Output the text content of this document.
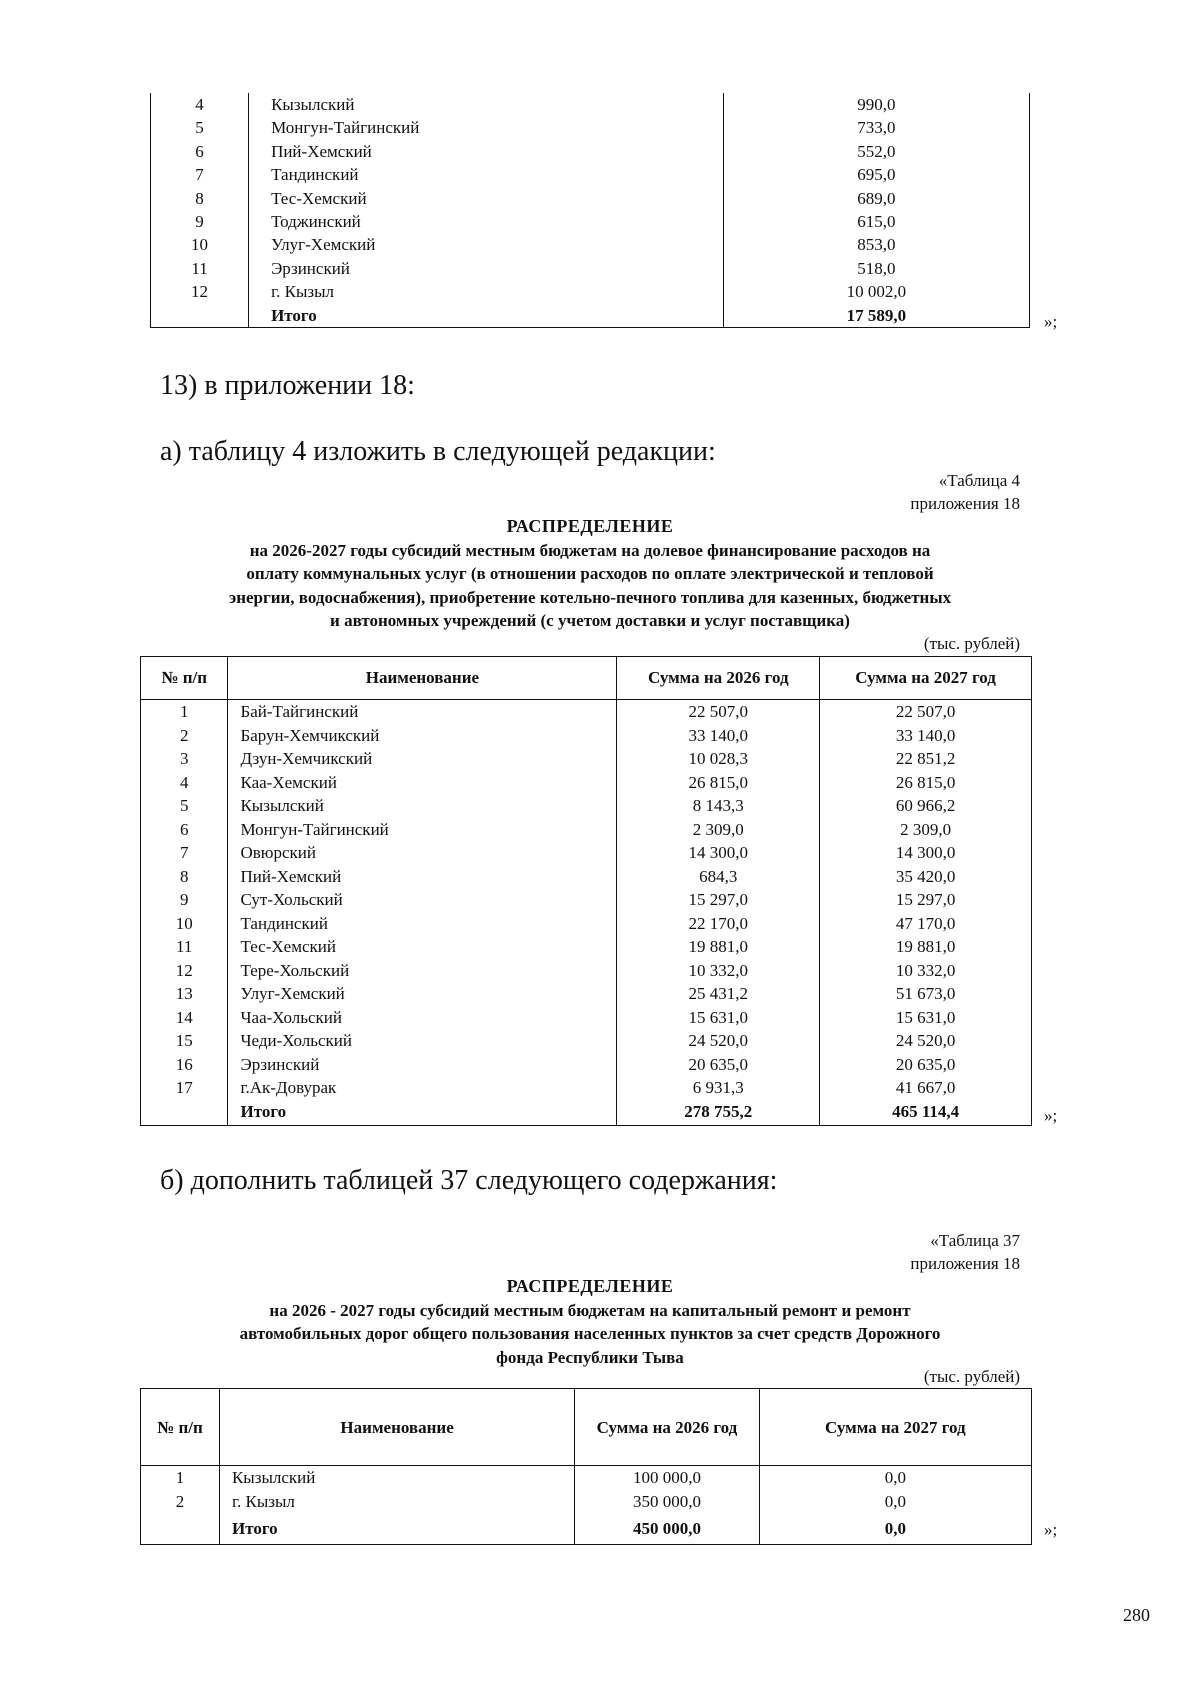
4	Кызылский	990,0
5	Монгун-Тайгинский	733,0
6	Пий-Хемский	552,0
7	Тандинский	695,0
8	Тес-Хемский	689,0
9	Тоджинский	615,0
10	Улуг-Хемский	853,0
11	Эрзинский	518,0
12	г. Кызыл	10 002,0
	Итого	17 589,0	»;
13) в приложении 18:
а) таблицу 4 изложить в следующей редакции:
«Таблица 4
приложения 18
РАСПРЕДЕЛЕНИЕ
на 2026-2027 годы субсидий местным бюджетам на долевое финансирование расходов на
оплату коммунальных услуг (в отношении расходов по оплате электрической и тепловой
энергии, водоснабжения), приобретение котельно-печного топлива для казенных, бюджетных
и автономных учреждений (с учетом доставки и услуг поставщика)
(тыс. рублей)
№ п/п	Наименование	Сумма на 2026 год	Сумма на 2027 год
1	Бай-Тайгинский	22 507,0	22 507,0
2	Барун-Хемчикский	33 140,0	33 140,0
3	Дзун-Хемчикский	10 028,3	22 851,2
4	Каа-Хемский	26 815,0	26 815,0
5	Кызылский	8 143,3	60 966,2
6	Монгун-Тайгинский	2 309,0	2 309,0
7	Овюрский	14 300,0	14 300,0
8	Пий-Хемский	684,3	35 420,0
9	Сут-Хольский	15 297,0	15 297,0
10	Тандинский	22 170,0	47 170,0
11	Тес-Хемский	19 881,0	19 881,0
12	Тере-Хольский	10 332,0	10 332,0
13	Улуг-Хемский	25 431,2	51 673,0
14	Чаа-Хольский	15 631,0	15 631,0
15	Чеди-Хольский	24 520,0	24 520,0
16	Эрзинский	20 635,0	20 635,0
17	г.Ак-Довурак	6 931,3	41 667,0
	Итого	278 755,2	465 114,4	»;
б) дополнить таблицей 37 следующего содержания:
«Таблица 37
приложения 18
РАСПРЕДЕЛЕНИЕ
на 2026 - 2027 годы субсидий местным бюджетам на капитальный ремонт и ремонт
автомобильных дорог общего пользования населенных пунктов за счет средств Дорожного
фонда Республики Тыва
(тыс. рублей)
№ п/п	Наименование	Сумма на 2026 год	Сумма на 2027 год
1	Кызылский	100 000,0	0,0
2	г. Кызыл	350 000,0	0,0
	Итого	450 000,0	0,0	»;
280
